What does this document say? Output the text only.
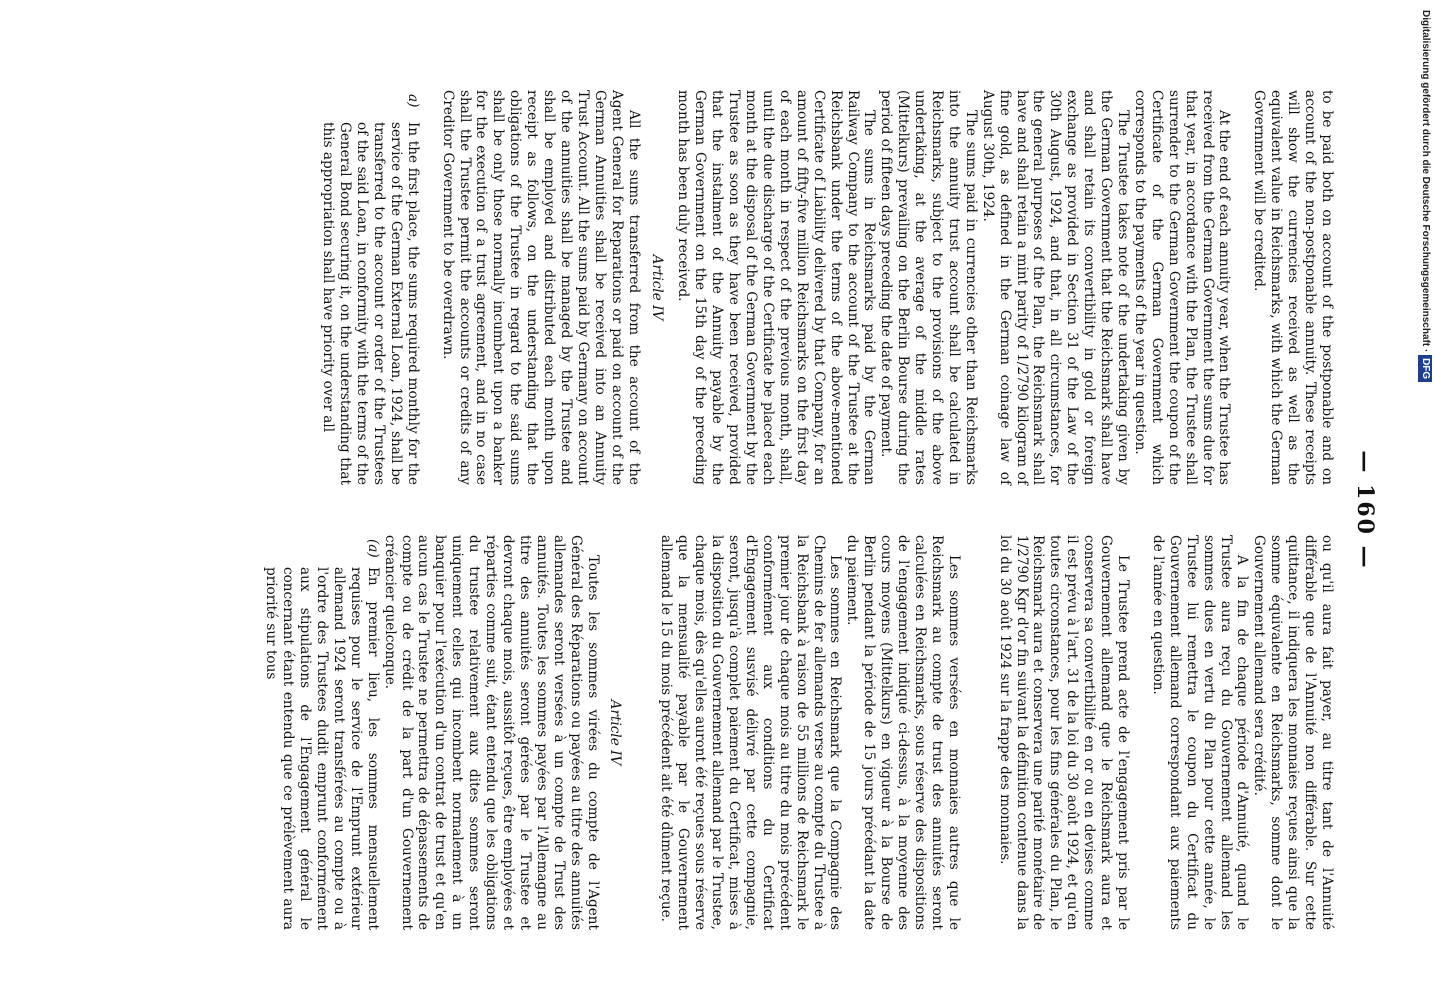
— 160 —

to be paid both on account of the postponable and on account of the non-postponable annuity. These receipts will show the currencies received as well as the equivalent value in Reichsmarks, with which the German Government will be credited.

At the end of each annuity year, when the Trustee has received from the German Government the sums due for that year, in accordance with the Plan, the Trustee shall surrender to the German Government the coupon of the Certificate of the German Government which corresponds to the payments of the year in question.

The Trustee takes note of the undertaking given by the German Government that the Reichsmark shall have and shall retain its convertibility in gold or foreign exchange as provided in Section 31 of the Law of the 30th August, 1924, and that, in all circumstances, for the general purposes of the Plan, the Reichsmark shall have and shall retain a mint parity of 1/2790 kilogram of fine gold, as defined in the German coinage law of August 30th, 1924.

The sums paid in currencies other than Reichsmarks into the annuity trust account shall be calculated in Reichsmarks, subject to the provisions of the above undertaking, at the average of the middle rates (Mittelkurs) prevailing on the Berlin Bourse during the period of fifteen days preceding the date of payment.

The sums in Reichsmarks paid by the German Railway Company to the account of the Trustee at the Reichsbank under the terms of the above-mentioned Certificate of Liability delivered by that Company, for an amount of fifty-five million Reichsmarks on the first day of each month in respect of the previous month, shall, until the due discharge of the Certificate be placed each month at the disposal of the German Government by the Trustee as soon as they have been received, provided that the instalment of the Annuity payable by the German Government on the 15th day of the preceding month has been duly received.

Article IV

All the sums transferred from the account of the Agent General for Reparations or paid on account of the German Annuities shall be received into an Annuity Trust Account. All the sums paid by Germany on account of the annuities shall be managed by the Trustee and shall be employed and distributed each month upon receipt as follows, on the understanding that the obligations of the Trustee in regard to the said sums shall be only those normally incumbent upon a banker for the execution of a trust agreement, and in no case shall the Trustee permit the accounts or credits of any Creditor Government to be overdrawn.

a)
In the first place, the sums required monthly for the service of the German External Loan, 1924, shall be transferred to the account or order of the Trustees of the said Loan, in conformity with the terms of the General Bond securing it, on the understanding that this appropriation shall have priority over all

ou qu'il aura fait payer, au titre tant de l'Annuité différable que de l'Annuité non différable. Sur cette quittance, il indiquera les monnaies reçues ainsi que la somme équivalente en Reichsmarks, somme dont le Gouvernement allemand sera crédité.

A la fin de chaque période d'Annuité, quand le Trustee aura reçu du Gouvernement allemand les sommes dues en vertu du Plan pour cette année, le Trustee lui remettra le coupon du Certificat du Gouvernement allemand correspondant aux paiements de l'année en question.

Le Trustee prend acte de l'engagement pris par le Gouvernement allemand que le Reichsmark aura et conservera sa convertibilité en or ou en devises comme il est prévu à l'art. 31 de la loi du 30 août 1924, et qu'en toutes circonstances, pour les fins générales du Plan, le Reichsmark aura et conservera une parité monétaire de 1/2790 Kgr d'or fin suivant la définition contenue dans la loi du 30 août 1924 sur la frappe des monnaies.

Les sommes versées en monnaies autres que le Reichsmark au compte de trust des annuités seront calculées en Reichsmarks, sous réserve des dispositions de l'engagement indiqué ci-dessus, à la moyenne des cours moyens (Mittelkurs) en vigueur à la Bourse de Berlin pendant la période de 15 jours précédant la date du paiement.

Les sommes en Reichsmark que la Compagnie des Chemins de fer allemands verse au compte du Trustee à la Reichsbank à raison de 55 millions de Reichsmark le premier jour de chaque mois au titre du mois précédent conformément aux conditions du Certificat d'Engagement susvisé délivré par cette compagnie, seront, jusqu'à complet paiement du Certificat, mises à la disposition du Gouvernement allemand par le Trustee, chaque mois, dès qu'elles auront été reçues sous réserve que la mensualité payable par le Gouvernement allemand le 15 du mois précédent ait été dûment reçue.

Article IV

Toutes les sommes virées du compte de l'Agent Général des Réparations ou payées au titre des annuités allemandes seront versées à un compte de Trust des annuités. Toutes les sommes payées par l'Allemagne au titre des annuités seront gérées par le Trustee et devront chaque mois, aussitôt reçues, être employées et réparties comme suit, étant entendu que les obligations du trustee relativement aux dites sommes seront uniquement celles qui incombent normalement à un banquier pour l'exécution d'un contrat de trust et qu'en aucun cas le Trustee ne permettra de dépassements de compte ou de crédit de la part d'un Gouvernement créancier quelconque.

(a)
En premier lieu, les sommes mensuellement requises pour le service de l'Emprunt extérieur allemand 1924 seront transférées au compte ou à l'ordre des Trustees dudit emprunt conformément aux stipulations de l'Engagement général le concernant étant entendu que ce prélèvement aura priorité sur tous

Digitalisierung gefördert durch die Deutsche Forschungsgemeinschaft · DFG
